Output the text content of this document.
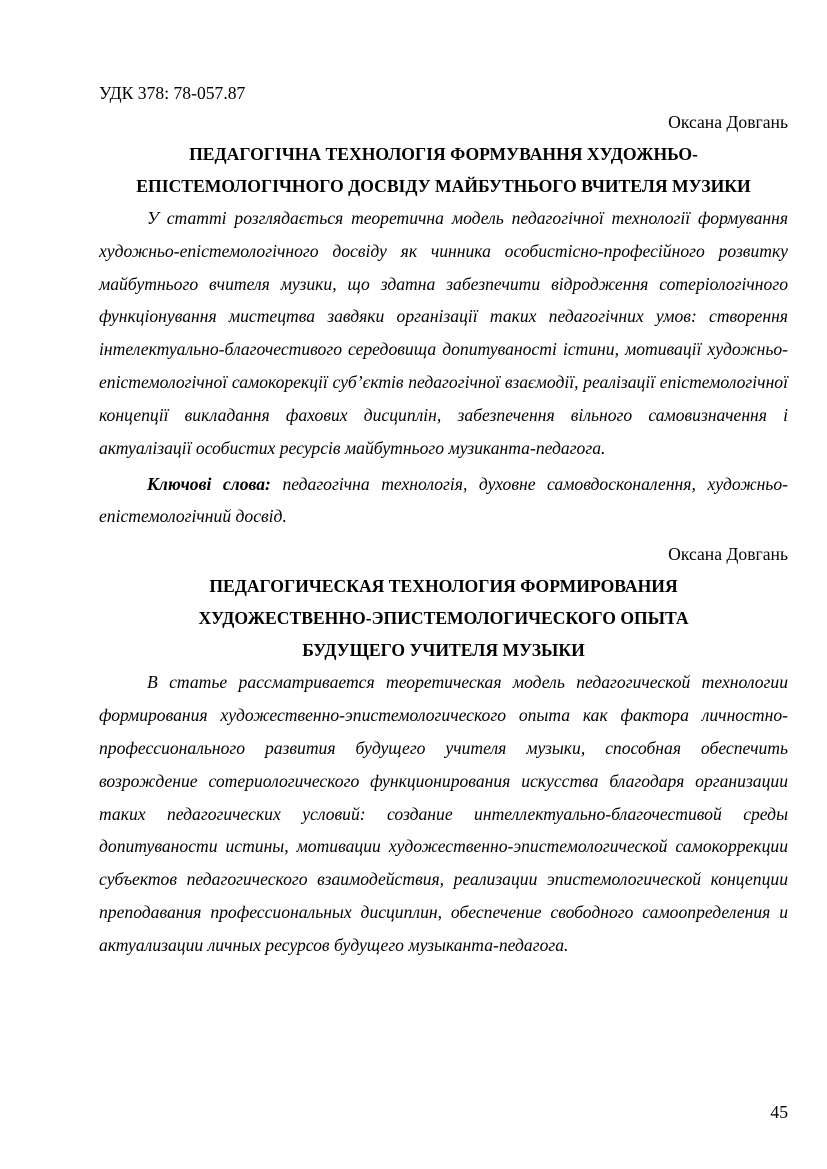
УДК 378: 78-057.87

Оксана Довгань

ПЕДАГОГІЧНА ТЕХНОЛОГІЯ ФОРМУВАННЯ ХУДОЖНЬО-
ЕПІСТЕМОЛОГІЧНОГО ДОСВІДУ МАЙБУТНЬОГО ВЧИТЕЛЯ МУЗИКИ

У статті розглядається теоретична модель педагогічної технології формування художньо-епістемологічного досвіду як чинника особистісно-професійного розвитку майбутнього вчителя музики, що здатна забезпечити відродження сотеріологічного функціонування мистецтва завдяки організації таких педагогічних умов: створення інтелектуально-благочестивого середовища допитуваності істини, мотивації художньо-епістемологічної самокорекції суб’єктів педагогічної взаємодії, реалізації епістемологічної концепції викладання фахових дисциплін, забезпечення вільного самовизначення і актуалізації особистих ресурсів майбутнього музиканта-педагога.

Ключові слова: педагогічна технологія, духовне самовдосконалення, художньо-епістемологічний досвід.

Оксана Довгань

ПЕДАГОГИЧЕСКАЯ ТЕХНОЛОГИЯ ФОРМИРОВАНИЯ
ХУДОЖЕСТВЕННО-ЭПИСТЕМОЛОГИЧЕСКОГО ОПЫТА
БУДУЩЕГО УЧИТЕЛЯ МУЗЫКИ

В статье рассматривается теоретическая модель педагогической технологии формирования художественно-эпистемологического опыта как фактора личностно-профессионального развития будущего учителя музыки, способная обеспечить возрождение сотериологического функционирования искусства благодаря организации таких педагогических условий: создание интеллектуально-благочестивой среды допитуваности истины, мотивации художественно-эпистемологической самокоррекции субъектов педагогического взаимодействия, реализации эпистемологической концепции преподавания профессиональных дисциплин, обеспечение свободного самоопределения и актуализации личных ресурсов будущего музыканта-педагога.

45
